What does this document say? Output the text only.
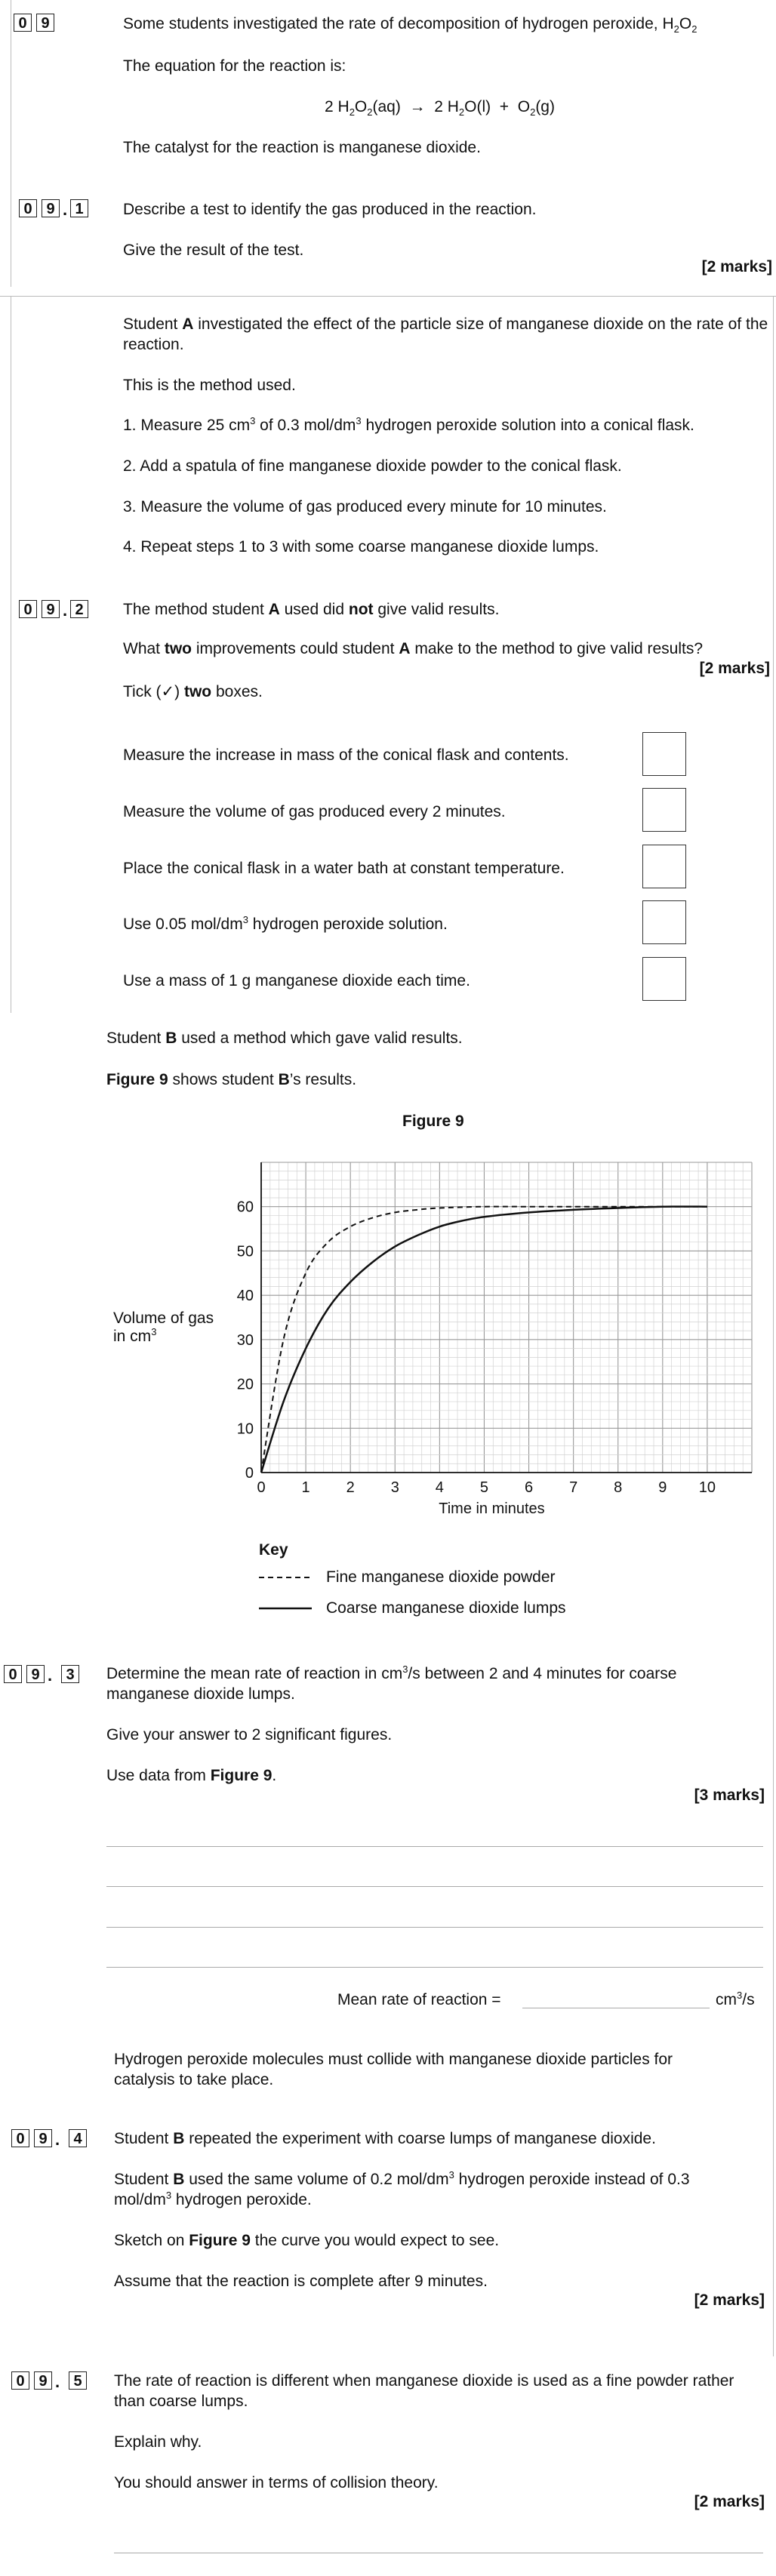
0 9	Some students investigated the rate of decomposition of hydrogen peroxide, $H_2O_2$
The equation for the reaction is:
2 $H_2O_2(aq) \to 2$ $H_2O(l) + O_2(g)$
The catalyst for the reaction is manganese dioxide.
0 9 . 1	Describe a test to identify the gas produced in the reaction.
Give the result of the test.
[2 marks]
Student A investigated the effect of the particle size of manganese dioxide on the rate of the reaction.
This is the method used.
1. Measure 25 $cm^3$ of 0.3 mol/$dm^3$ hydrogen peroxide solution into a conical flask.
2. Add a spatula of fine manganese dioxide powder to the conical flask.
3. Measure the volume of gas produced every minute for 10 minutes.
4. Repeat steps 1 to 3 with some coarse manganese dioxide lumps.
0 9 . 2	The method student A used did not give valid results.
What two improvements could student A make to the method to give valid results?
[2 marks]
Tick (✓) two boxes.
Measure the increase in mass of the conical flask and contents.
Measure the volume of gas produced every 2 minutes.
Place the conical flask in a water bath at constant temperature.
Use 0.05 mol/$dm^3$ hydrogen peroxide solution.
Use a mass of 1 g manganese dioxide each time.
Student B used a method which gave valid results.
Figure 9 shows student B’s results.
Figure 9
0 1 2 3 4 5 6 7 8 9 10
0
10
20
30
40
50
60
Time in minutes
Volume of gas
in $cm^3$
Key
Fine manganese dioxide powder
Coarse manganese dioxide lumps
0 9 . 3	Determine the mean rate of reaction in $cm^3/s$ between 2 and 4 minutes for coarse manganese dioxide lumps.
Give your answer to 2 significant figures.
Use data from Figure 9.
[3 marks]
Mean rate of reaction =	$cm^3/s$
Hydrogen peroxide molecules must collide with manganese dioxide particles for catalysis to take place.
0 9 . 4	Student B repeated the experiment with coarse lumps of manganese dioxide.
Student B used the same volume of 0.2 mol/$dm^3$ hydrogen peroxide instead of 0.3 mol/$dm^3$ hydrogen peroxide.
Sketch on Figure 9 the curve you would expect to see.
Assume that the reaction is complete after 9 minutes.
[2 marks]
0 9 . 5	The rate of reaction is different when manganese dioxide is used as a fine powder rather than coarse lumps.
Explain why.
You should answer in terms of collision theory.
[2 marks]
